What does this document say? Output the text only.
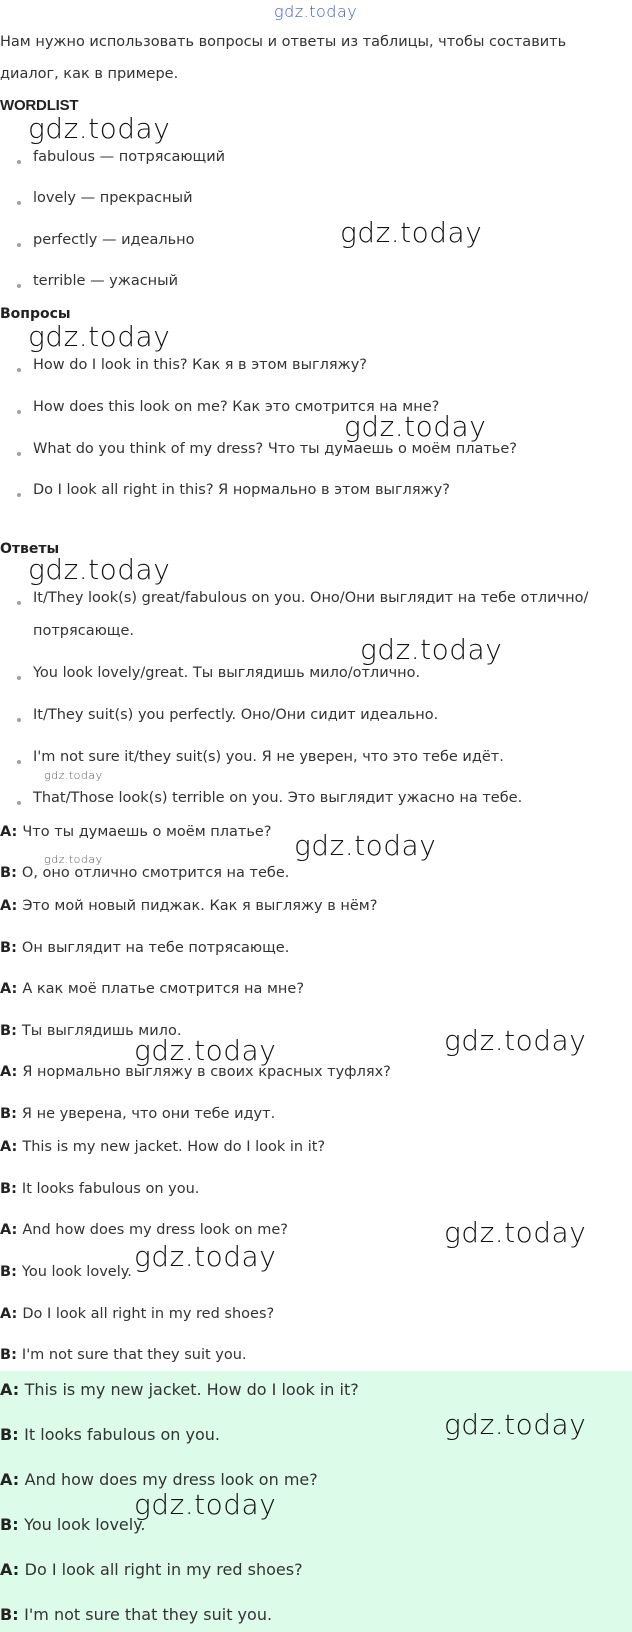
gdz.today
Нам нужно использовать вопросы и ответы из таблицы, чтобы составить
диалог, как в примере.
WORDLIST
fabulous — потрясающий
lovely — прекрасный
perfectly — идеально
terrible — ужасный
Вопросы
How do I look in this? Как я в этом выгляжу?
How does this look on me? Как это смотрится на мне?
What do you think of my dress? Что ты думаешь о моём платье?
Do I look all right in this? Я нормально в этом выгляжу?
Ответы
It/They look(s) great/fabulous on you. Оно/Они выглядит на тебе отлично/
потрясающе.
You look lovely/great. Ты выглядишь мило/отлично.
It/They suit(s) you perfectly. Оно/Они сидит идеально.
I'm not sure it/they suit(s) you. Я не уверен, что это тебе идёт.
That/Those look(s) terrible on you. Это выглядит ужасно на тебе.
A: Что ты думаешь о моём платье?
B: О, оно отлично смотрится на тебе.
A: Это мой новый пиджак. Как я выгляжу в нём?
B: Он выглядит на тебе потрясающе.
A: А как моё платье смотрится на мне?
B: Ты выглядишь мило.
A: Я нормально выгляжу в своих красных туфлях?
B: Я не уверена, что они тебе идут.
A: This is my new jacket. How do I look in it?
B: It looks fabulous on you.
A: And how does my dress look on me?
B: You look lovely.
A: Do I look all right in my red shoes?
B: I'm not sure that they suit you.
A: This is my new jacket. How do I look in it?
B: It looks fabulous on you.
A: And how does my dress look on me?
B: You look lovely.
A: Do I look all right in my red shoes?
B: I'm not sure that they suit you.
gdz.today
gdz.today
gdz.today
gdz.today
gdz.today
gdz.today
gdz.today
gdz.today
gdz.today
gdz.today
gdz.today
gdz.today
gdz.today
gdz.today
gdz.today
